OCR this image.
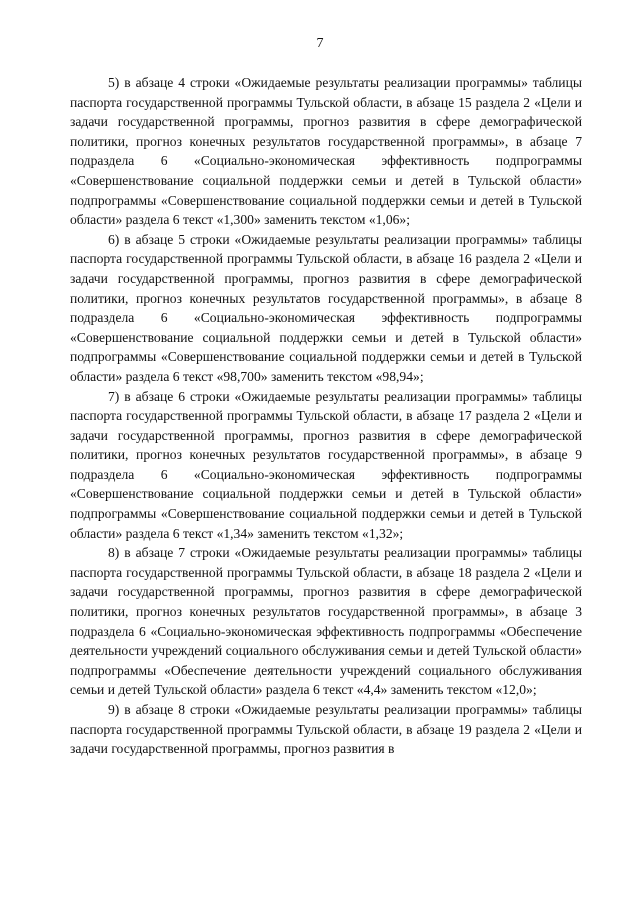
7

5) в абзаце 4 строки «Ожидаемые результаты реализации программы» таблицы паспорта государственной программы Тульской области, в абзаце 15 раздела 2 «Цели и задачи государственной программы, прогноз развития в сфере демографической политики, прогноз конечных результатов государственной программы», в абзаце 7 подраздела 6 «Социально-экономическая эффективность подпрограммы «Совершенствование социальной поддержки семьи и детей в Тульской области» подпрограммы «Совершенствование социальной поддержки семьи и детей в Тульской области» раздела 6 текст «1,300» заменить текстом «1,06»;

6) в абзаце 5 строки «Ожидаемые результаты реализации программы» таблицы паспорта государственной программы Тульской области, в абзаце 16 раздела 2 «Цели и задачи государственной программы, прогноз развития в сфере демографической политики, прогноз конечных результатов государственной программы», в абзаце 8 подраздела 6 «Социально-экономическая эффективность подпрограммы «Совершенствование социальной поддержки семьи и детей в Тульской области» подпрограммы «Совершенствование социальной поддержки семьи и детей в Тульской области» раздела 6 текст «98,700» заменить текстом «98,94»;

7) в абзаце 6 строки «Ожидаемые результаты реализации программы» таблицы паспорта государственной программы Тульской области, в абзаце 17 раздела 2 «Цели и задачи государственной программы, прогноз развития в сфере демографической политики, прогноз конечных результатов государственной программы», в абзаце 9 подраздела 6 «Социально-экономическая эффективность подпрограммы «Совершенствование социальной поддержки семьи и детей в Тульской области» подпрограммы «Совершенствование социальной поддержки семьи и детей в Тульской области» раздела 6 текст «1,34» заменить текстом «1,32»;

8) в абзаце 7 строки «Ожидаемые результаты реализации программы» таблицы паспорта государственной программы Тульской области, в абзаце 18 раздела 2 «Цели и задачи государственной программы, прогноз развития в сфере демографической политики, прогноз конечных результатов государственной программы», в абзаце 3 подраздела 6 «Социально-экономическая эффективность подпрограммы «Обеспечение деятельности учреждений социального обслуживания семьи и детей Тульской области» подпрограммы «Обеспечение деятельности учреждений социального обслуживания семьи и детей Тульской области» раздела 6 текст «4,4» заменить текстом «12,0»;

9) в абзаце 8 строки «Ожидаемые результаты реализации программы» таблицы паспорта государственной программы Тульской области, в абзаце 19 раздела 2 «Цели и задачи государственной программы, прогноз развития в
